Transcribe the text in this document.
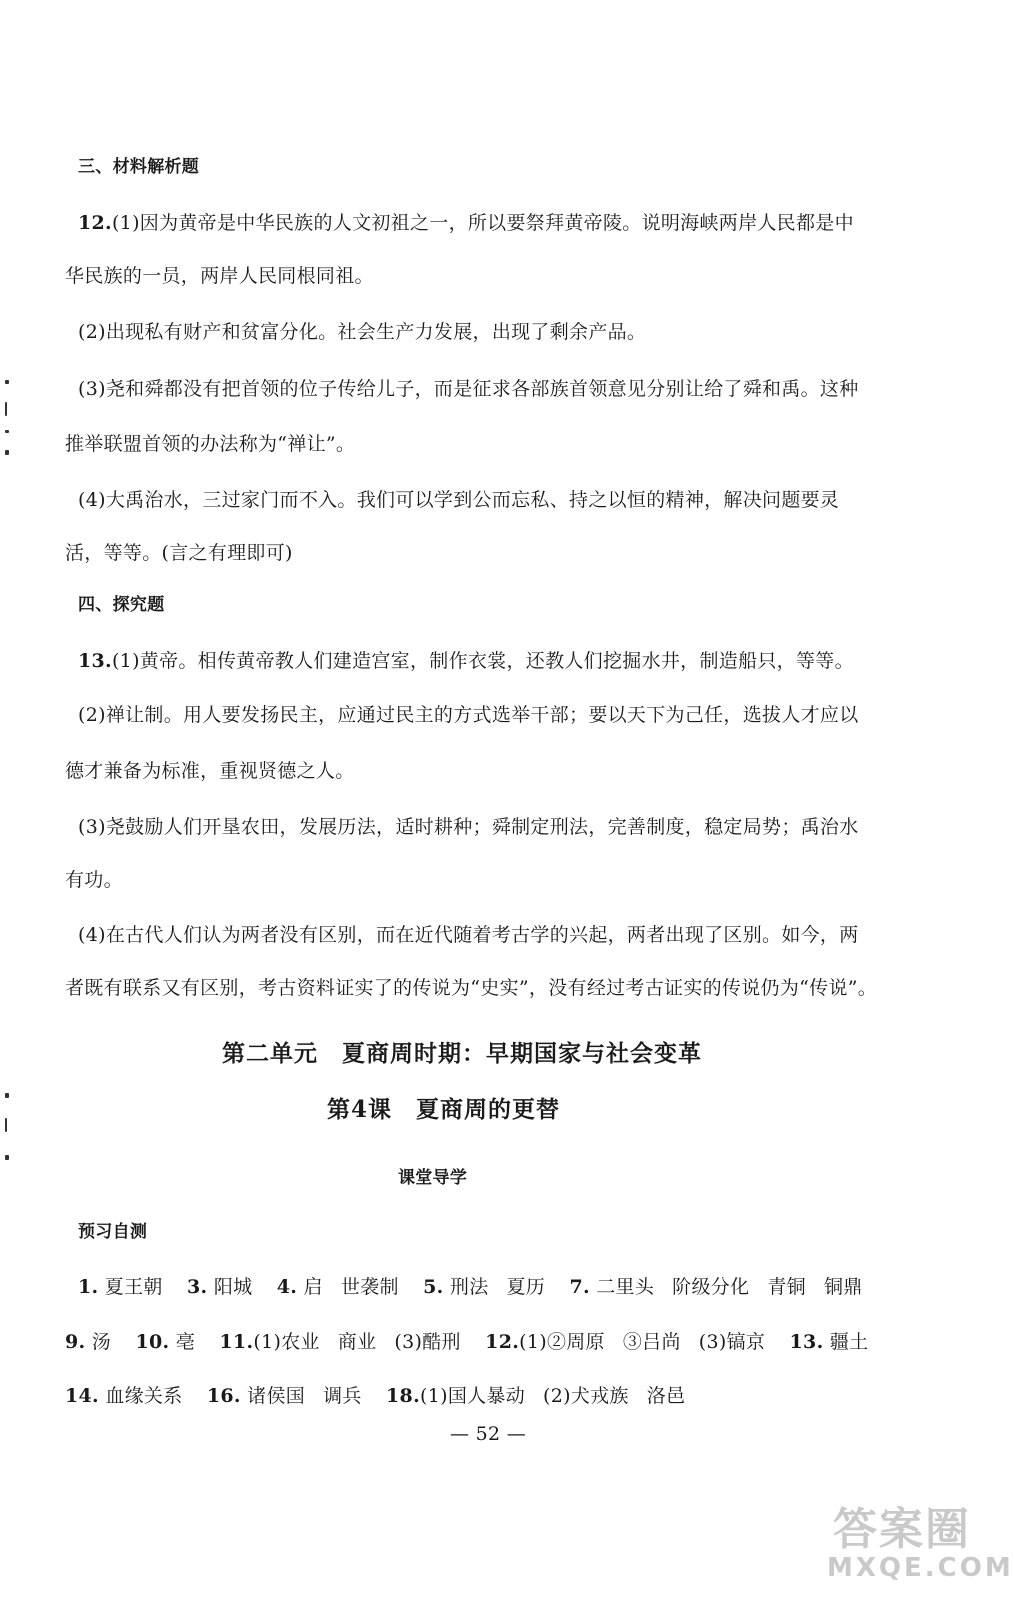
三、材料解析题
12.(1)因为黄帝是中华民族的人文初祖之一，所以要祭拜黄帝陵。说明海峡两岸人民都是中
华民族的一员，两岸人民同根同祖。
(2)出现私有财产和贫富分化。社会生产力发展，出现了剩余产品。
(3)尧和舜都没有把首领的位子传给儿子，而是征求各部族首领意见分别让给了舜和禹。这种
推举联盟首领的办法称为“禅让”。
(4)大禹治水，三过家门而不入。我们可以学到公而忘私、持之以恒的精神，解决问题要灵
活，等等。(言之有理即可)
四、探究题
13.(1)黄帝。相传黄帝教人们建造宫室，制作衣裳，还教人们挖掘水井，制造船只，等等。
(2)禅让制。用人要发扬民主，应通过民主的方式选举干部；要以天下为己任，选拔人才应以
德才兼备为标准，重视贤德之人。
(3)尧鼓励人们开垦农田，发展历法，适时耕种；舜制定刑法，完善制度，稳定局势；禹治水
有功。
(4)在古代人们认为两者没有区别，而在近代随着考古学的兴起，两者出现了区别。如今，两
者既有联系又有区别，考古资料证实了的传说为“史实”，没有经过考古证实的传说仍为“传说”。
第二单元　夏商周时期：早期国家与社会变革
第4课　夏商周的更替
课堂导学
预习自测
1. 夏王朝 3. 阳城 4. 启 世袭制 5. 刑法 夏历 7. 二里头 阶级分化 青铜 铜鼎
9. 汤 10. 亳 11.(1)农业 商业 (3)酷刑 12.(1)②周原 ③吕尚 (3)镐京 13. 疆土
14. 血缘关系 16. 诸侯国 调兵 18.(1)国人暴动 (2)犬戎族 洛邑
— 52 —
答案圈
MXQE.COM
